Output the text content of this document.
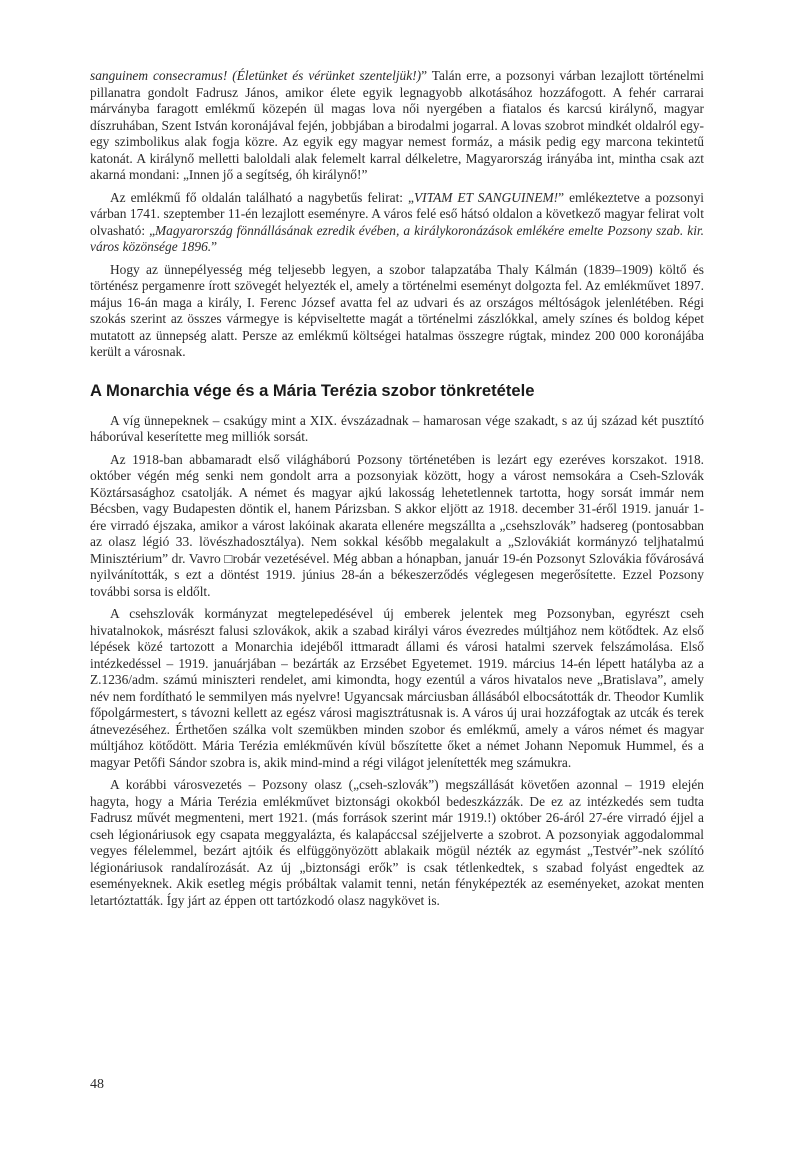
sanguinem consecramus! (Életünket és vérünket szenteljük!)” Talán erre, a pozsonyi várban lezajlott történelmi pillanatra gondolt Fadrusz János, amikor élete egyik legnagyobb alkotásához hozzáfogott. A fehér carrarai márványba faragott emlékmű közepén ül magas lova női nyergében a fiatalos és karcsú királynő, magyar díszruhában, Szent István koronájával fején, jobbjában a birodalmi jogarral. A lovas szobrot mindkét oldalról egy-egy szimbolikus alak fogja közre. Az egyik egy magyar nemest formáz, a másik pedig egy marcona tekintetű katonát. A királynő melletti baloldali alak felemelt karral délkeletre, Magyarország irányába int, mintha csak azt akarná mondani: „Innen jő a segítség, óh királynő!”

Az emlékmű fő oldalán található a nagybetűs felirat: „VITAM ET SANGUINEM!” emlékeztetve a pozsonyi várban 1741. szeptember 11-én lezajlott eseményre. A város felé eső hátsó oldalon a következő magyar felirat volt olvasható: „Magyarország fönnállásának ezredik évében, a királykoronázások emlékére emelte Pozsony szab. kir. város közönsége 1896.”

Hogy az ünnepélyesség még teljesebb legyen, a szobor talapzatába Thaly Kálmán (1839–1909) költő és történész pergamenre írott szövegét helyezték el, amely a történelmi eseményt dolgozta fel. Az emlékművet 1897. május 16-án maga a király, I. Ferenc József avatta fel az udvari és az országos méltóságok jelenlétében. Régi szokás szerint az összes vármegye is képviseltette magát a történelmi zászlókkal, amely színes és boldog képet mutatott az ünnepség alatt. Persze az emlékmű költségei hatalmas összegre rúgtak, mindez 200 000 koronájába került a városnak.

A Monarchia vége és a Mária Terézia szobor tönkretétele

A víg ünnepeknek – csakúgy mint a XIX. évszázadnak – hamarosan vége szakadt, s az új század két pusztító háborúval keserítette meg milliók sorsát.

Az 1918-ban abbamaradt első világháború Pozsony történetében is lezárt egy ezeréves korszakot. 1918. október végén még senki nem gondolt arra a pozsonyiak között, hogy a várost nemsokára a Cseh-Szlovák Köztársasághoz csatolják. A német és magyar ajkú lakosság lehetetlennek tartotta, hogy sorsát immár nem Bécsben, vagy Budapesten döntik el, hanem Párizsban. S akkor eljött az 1918. december 31-éről 1919. január 1-ére virradó éjszaka, amikor a várost lakóinak akarata ellenére megszállta a „csehszlovák” hadsereg (pontosabban az olasz légió 33. lövészhadosztálya). Nem sokkal később megalakult a „Szlovákiát kormányzó teljhatalmú Minisztérium” dr. Vavro □robár vezetésével. Még abban a hónapban, január 19-én Pozsonyt Szlovákia fővárosává nyilvánították, s ezt a döntést 1919. június 28-án a békeszerződés véglegesen megerősítette. Ezzel Pozsony további sorsa is eldőlt.

A csehszlovák kormányzat megtelepedésével új emberek jelentek meg Pozsonyban, egyrészt cseh hivatalnokok, másrészt falusi szlovákok, akik a szabad királyi város évezredes múltjához nem kötődtek. Az első lépések közé tartozott a Monarchia idejéből ittmaradt állami és városi hatalmi szervek felszámolása. Első intézkedéssel – 1919. januárjában – bezárták az Erzsébet Egyetemet. 1919. március 14-én lépett hatályba az a Z.1236/adm. számú miniszteri rendelet, ami kimondta, hogy ezentúl a város hivatalos neve „Bratislava”, amely név nem fordítható le semmilyen más nyelvre! Ugyancsak márciusban állásából elbocsátották dr. Theodor Kumlik főpolgármestert, s távozni kellett az egész városi magisztrátusnak is. A város új urai hozzáfogtak az utcák és terek átnevezéséhez. Érthetően szálka volt szemükben minden szobor és emlékmű, amely a város német és magyar múltjához kötődött. Mária Terézia emlékművén kívül bőszítette őket a német Johann Nepomuk Hummel, és a magyar Petőfi Sándor szobra is, akik mind-mind a régi világot jelenítették meg számukra.

A korábbi városvezetés – Pozsony olasz („cseh-szlovák”) megszállását követően azonnal – 1919 elején hagyta, hogy a Mária Terézia emlékművet biztonsági okokból bedeszkázzák. De ez az intézkedés sem tudta Fadrusz művét megmenteni, mert 1921. (más források szerint már 1919.!) október 26-áról 27-ére virradó éjjel a cseh légionáriusok egy csapata meggyalázta, és kalapáccsal széjjelverte a szobrot. A pozsonyiak aggodalommal vegyes félelemmel, bezárt ajtóik és elfüggönyözött ablakaik mögül nézték az egymást „Testvér”-nek szólító légionáriusok randalírozását. Az új „biztonsági erők” is csak tétlenkedtek, s szabad folyást engedtek az eseményeknek. Akik esetleg mégis próbáltak valamit tenni, netán fényképezték az eseményeket, azokat menten letartóztatták. Így járt az éppen ott tartózkodó olasz nagykövet is.

48
